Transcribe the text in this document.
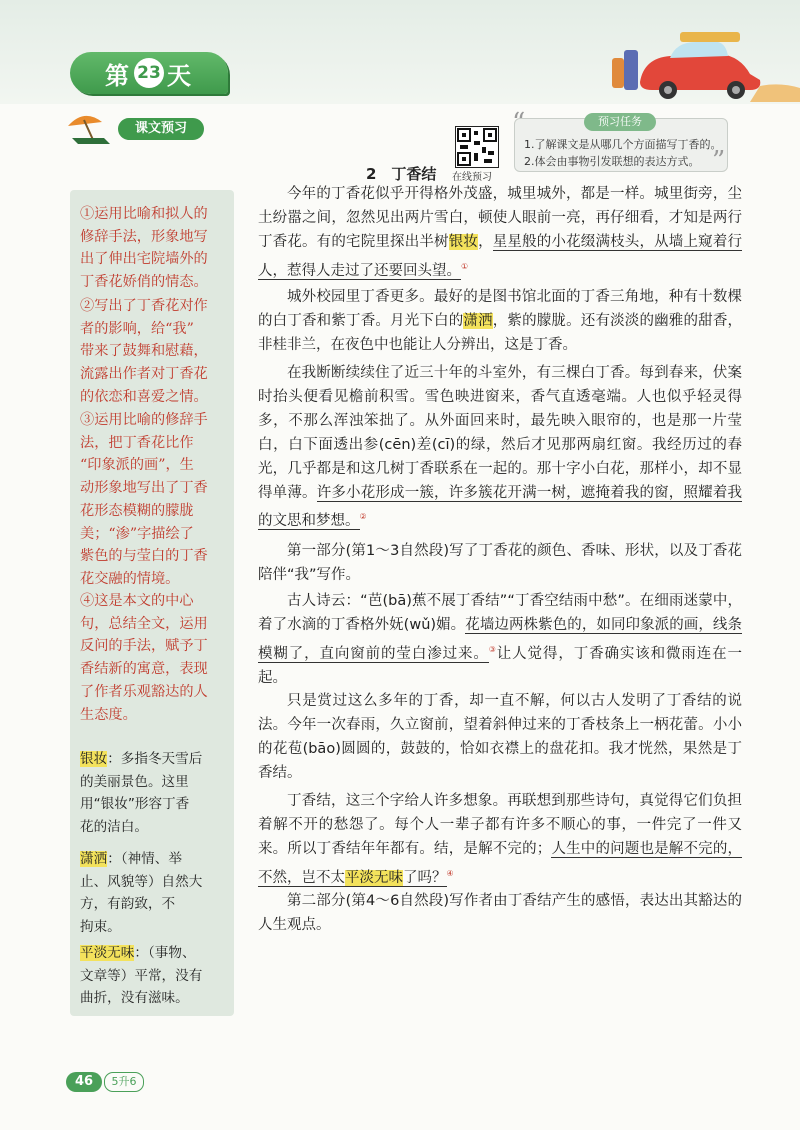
第 23 天
课文预习
在线预习
“
”
预习任务
1.了解课文是从哪几个方面描写丁香的。
2.体会由事物引发联想的表达方式。
2　丁香结
①运用比喻和拟人的
修辞手法，形象地写
出了伸出宅院墙外的
丁香花娇俏的情态。
②写出了丁香花对作
者的影响，给“我”
带来了鼓舞和慰藉，
流露出作者对丁香花
的依恋和喜爱之情。
③运用比喻的修辞手
法，把丁香花比作
“印象派的画”，生
动形象地写出了丁香
花形态模糊的朦胧
美；“渗”字描绘了
紫色的与莹白的丁香
花交融的情境。
④这是本文的中心
句，总结全文，运用
反问的手法，赋予丁
香结新的寓意，表现
了作者乐观豁达的人
生态度。
银妆：多指冬天雪后
的美丽景色。这里
用“银妆”形容丁香
花的洁白。
潇洒：（神情、举
止、风貌等）自然大
方，有韵致，不
拘束。
平淡无味：（事物、
文章等）平常，没有
曲折，没有滋味。
今年的丁香花似乎开得格外茂盛，城里城外，都是一样。城里街旁，尘土纷嚣之间，忽然见出两片雪白，顿使人眼前一亮，再仔细看，才知是两行丁香花。有的宅院里探出半树银妆，星星般的小花缀满枝头，从墙上窥着行人，惹得人走过了还要回头望。①
城外校园里丁香更多。最好的是图书馆北面的丁香三角地，种有十数棵的白丁香和紫丁香。月光下白的潇洒，紫的朦胧。还有淡淡的幽雅的甜香，非桂非兰，在夜色中也能让人分辨出，这是丁香。
在我断断续续住了近三十年的斗室外，有三棵白丁香。每到春来，伏案时抬头便看见檐前积雪。雪色映进窗来，香气直透毫端。人也似乎轻灵得多，不那么浑浊笨拙了。从外面回来时，最先映入眼帘的，也是那一片莹白，白下面透出参(cēn)差(cī)的绿，然后才见那两扇红窗。我经历过的春光，几乎都是和这几树丁香联系在一起的。那十字小白花，那样小，却不显得单薄。许多小花形成一簇，许多簇花开满一树，遮掩着我的窗，照耀着我的文思和梦想。②
第一部分(第1～3自然段)写了丁香花的颜色、香味、形状，以及丁香花陪伴“我”写作。
古人诗云：“芭(bā)蕉不展丁香结”“丁香空结雨中愁”。在细雨迷蒙中，着了水滴的丁香格外妩(wǔ)媚。花墙边两株紫色的，如同印象派的画，线条模糊了，直向窗前的莹白渗过来。③让人觉得，丁香确实该和微雨连在一起。
只是赏过这么多年的丁香，却一直不解，何以古人发明了丁香结的说法。今年一次春雨，久立窗前，望着斜伸过来的丁香枝条上一柄花蕾。小小的花苞(bāo)圆圆的，鼓鼓的，恰如衣襟上的盘花扣。我才恍然，果然是丁香结。
丁香结，这三个字给人许多想象。再联想到那些诗句，真觉得它们负担着解不开的愁怨了。每个人一辈子都有许多不顺心的事，一件完了一件又来。所以丁香结年年都有。结，是解不完的；人生中的问题也是解不完的，不然，岂不太平淡无味了吗？④
第二部分(第4～6自然段)写作者由丁香结产生的感悟，表达出其豁达的人生观点。
46	5升6
